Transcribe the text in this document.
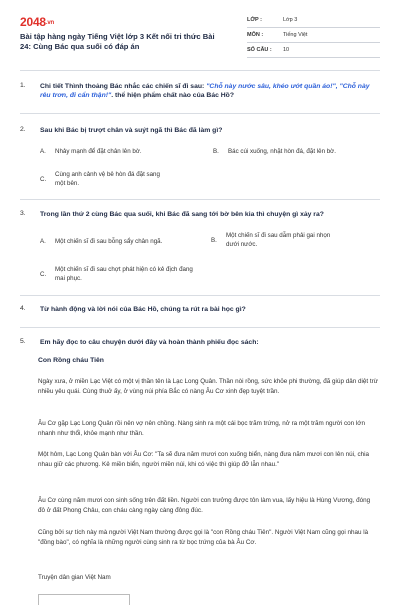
2048.vn
Bài tập hàng ngày Tiếng Việt lớp 3 Kết nối tri thức Bài 24: Cùng Bác qua suối có đáp án
LỚP :	Lớp 3
MÔN :	Tiếng Việt
SỐ CÂU :	10
1. Chi tiết Thình thoảng Bác nhắc các chiến sĩ đi sau: "Chỗ này nước sâu, khéo ướt quần áo!", "Chỗ này rêu trơn, đi cẩn thận!". thể hiện phẩm chất nào của Bác Hồ?
2. Sau khi Bác bị trượt chân và suýt ngã thì Bác đã làm gì?
A. Nhảy mạnh để đặt chân lên bờ.	B. Bác cúi xuống, nhặt hòn đá, đặt lên bờ.
C.
Cùng anh cảnh vệ bê hòn đá đặt sang một bên.
3. Trong lần thứ 2 cùng Bác qua suối, khi Bác đã sang tới bờ bên kia thì chuyện gì xảy ra?
A. Một chiến sĩ đi sau bỗng sẩy chân ngã.	B.
Một chiến sĩ đi sau dẫm phải gai nhọn dưới nước.
C.
Một chiến sĩ đi sau chợt phát hiện có kẻ địch đang mai phục.
4. Từ hành động và lời nói của Bác Hồ, chúng ta rút ra bài học gì?
5. Em hãy đọc to câu chuyện dưới đây và hoàn thành phiếu đọc sách:
Con Rồng cháu Tiên
Ngày xưa, ở miền Lạc Việt có một vị thần tên là Lạc Long Quân. Thần nòi rồng, sức khỏe phi thường, đã giúp dân diệt trừ nhiều yêu quái. Cùng thuở ấy, ở vùng núi phía Bắc có nàng Âu Cơ xinh đẹp tuyệt trần.
Âu Cơ gặp Lạc Long Quân rồi nên vợ nên chồng. Nàng sinh ra một cái bọc trăm trứng, nở ra một trăm người con lớn nhanh như thổi, khỏe mạnh như thần.
Một hôm, Lạc Long Quân bàn với Âu Cơ: "Ta sẽ đưa năm mươi con xuống biển, nàng đưa năm mươi con lên núi, chia nhau giữ các phương. Kẻ miền biển, người miền núi, khi có việc thì giúp đỡ lẫn nhau."
Âu Cơ cùng năm mươi con sinh sống trên đất liền. Người con trưởng được tôn làm vua, lấy hiệu là Hùng Vương, đóng đô ở đất Phong Châu, con cháu càng ngày càng đông đúc.
Cũng bởi sự tích này mà người Việt Nam thường được gọi là "con Rồng cháu Tiên". Người Việt Nam cũng gọi nhau là "đồng bào", có nghĩa là những người cùng sinh ra từ bọc trứng của bà Âu Cơ.
Truyện dân gian Việt Nam
